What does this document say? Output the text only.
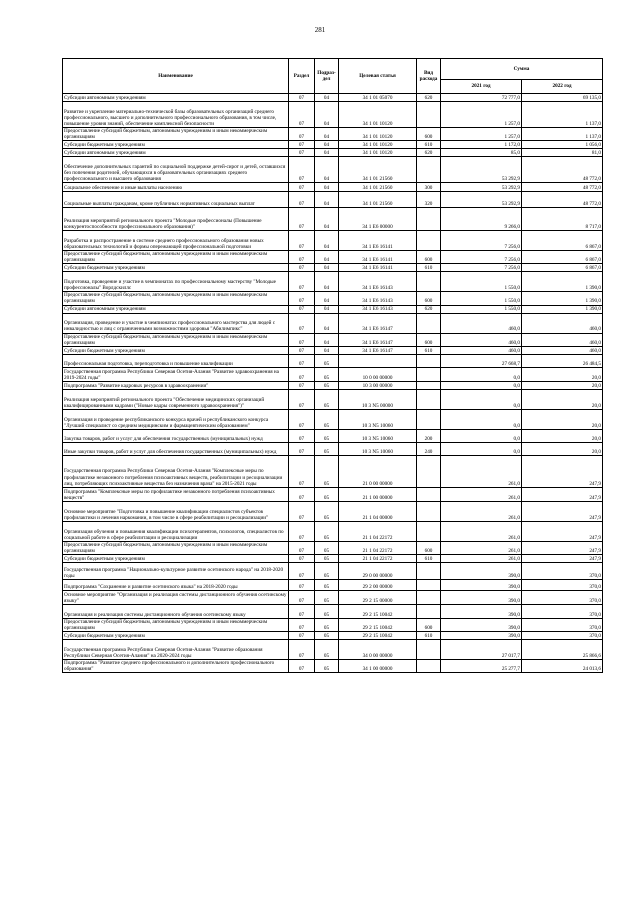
281
Наименование	Раздел	Подраз-дел	Целевая статья	Вид расхода	Сумма	
					2021 год	2022 год
Субсидии автономным учреждениям	07	04	34 1 01 05070	620	72 777,0	69 135,0
Развитие и укрепление материально-технической базы образовательных организаций среднего профессионального, высшего и дополнительного профессионального образования, в том числе, повышение уровня знаний, обеспечение комплексной безопасности	07	04	34 1 01 10120		1 257,0	1 137,0
Предоставление субсидий бюджетным, автономным учреждениям и иным некоммерческим организациям	07	04	34 1 01 10120	600	1 257,0	1 137,0
Субсидии бюджетным учреждениям	07	04	34 1 01 10120	610	1 172,0	1 056,0
Субсидии автономным учреждениям	07	04	34 1 01 10120	620	85,0	81,0
Обеспечение дополнительных гарантий по социальной поддержке детей-сирот и детей, оставшихся без попечения родителей, обучающихся в образовательных организациях среднего профессионального и высшего образования	07	04	34 1 01 21560		53 292,9	48 772,0
Социальное обеспечение и иные выплаты населению	07	04	34 1 01 21560	300	53 292,9	48 772,0
Социальные выплаты гражданам, кроме публичных нормативных социальных выплат	07	04	34 1 01 21560	320	53 292,9	48 772,0
Реализация мероприятий регионального проекта "Молодые профессионалы (Повышение конкурентоспособности профессионального образования)"	07	04	34 1 Е6 00000		9 266,0	8 717,0
Разработка и распространение в системе среднего профессионального образования новых образовательных технологий и формы опережающей профессиональной подготовки	07	04	34 1 Е6 16141		7 256,0	6 867,0
Предоставление субсидий бюджетным, автономным учреждениям и иным некоммерческим организациям	07	04	34 1 Е6 16141	600	7 256,0	6 867,0
Субсидии бюджетным учреждениям	07	04	34 1 Е6 16141	610	7 256,0	6 867,0
Подготовка, проведение и участие в чемпионатах по профессиональному мастерству "Молодые профессионалы" Ворлдскиллс	07	04	34 1 Е6 16143		1 550,0	1 390,0
Предоставление субсидий бюджетным, автономным учреждениям и иным некоммерческим организациям	07	04	34 1 Е6 16143	600	1 550,0	1 390,0
Субсидии автономным учреждениям	07	04	34 1 Е6 16143	620	1 550,0	1 390,0
Организация, проведение и участие в чемпионатах профессионального мастерства для людей с инвалидностью и лиц с ограниченными возможностями здоровья "Абилимпикс"	07	04	34 1 Е6 16147		460,0	460,0
Предоставление субсидий бюджетным, автономным учреждениям и иным некоммерческим организациям	07	04	34 1 Е6 16147	600	460,0	460,0
Субсидии бюджетным учреждениям	07	04	34 1 Е6 16147	610	460,0	460,0
Профессиональная подготовка, переподготовка и повышение квалификации	07	05			27 668,7	26 484,5
Государственная программа Республики Северная Осетия-Алания "Развитие здравоохранения на 2019-2024 годы"	07	05	10 0 00 00000		0,0	20,0
Подпрограмма "Развитие кадровых ресурсов в здравоохранении"	07	05	10 3 00 00000		0,0	20,0
Реализация мероприятий регионального проекта "Обеспечение медицинских организаций квалифицированными кадрами ("Новые кадры современного здравоохранения")"	07	05	10 3 N5 00000		0,0	20,0
Организация и проведение республиканского конкурса врачей и республиканского конкурса "Лучший специалист со средним медицинским и фармацевтическим образованием"	07	05	10 3 N5 10060		0,0	20,0
Закупка товаров, работ и услуг для обеспечения государственных (муниципальных) нужд	07	05	10 3 N5 10060	200	0,0	20,0
Иные закупки товаров, работ и услуг для обеспечения государственных (муниципальных) нужд	07	05	10 3 N5 10060	240	0,0	20,0
Государственная программа Республики Северная Осетия-Алания "Комплексные меры по профилактике незаконного потребления психоактивных веществ, реабилитации и ресоциализации лиц, потребляющих психоактивные вещества без назначения врача" на 2015-2021 годы	07	05	21 0 00 00000		261,0	247,9
Подпрограмма "Комплексные меры по профилактике незаконного потребления психоактивных веществ"	07	05	21 1 00 00000		261,0	247,9
Основное мероприятие "Подготовка и повышение квалификации специалистов субъектов профилактики и лечения наркомании, в том числе в сфере реабилитации и ресоциализации"	07	05	21 1 04 00000		261,0	247,9
Организация обучения и повышения квалификации психотерапевтов, психологов, специалистов по социальной работе в сфере реабилитации и ресоциализации	07	05	21 1 04 22172		261,0	247,9
Предоставление субсидий бюджетным, автономным учреждениям и иным некоммерческим организациям	07	05	21 1 04 22172	600	261,0	247,9
Субсидии бюджетным учреждениям	07	05	21 1 04 22172	610	261,0	247,9
Государственная программа "Национально-культурное развитие осетинского народа" на 2018-2020 годы	07	05	29 0 00 00000		390,0	370,0
Подпрограмма "Сохранение и развитие осетинского языка" на 2018-2020 годы	07	05	29 2 00 00000		390,0	370,0
Основное мероприятие "Организация и реализация системы дистанционного обучения осетинскому языку"	07	05	29 2 15 00000		390,0	370,0
Организация и реализация системы дистанционного обучения осетинскому языку	07	05	29 2 15 10042		390,0	370,0
Предоставление субсидий бюджетным, автономным учреждениям и иным некоммерческим организациям	07	05	29 2 15 10042	600	390,0	370,0
Субсидии бюджетным учреждениям	07	05	29 2 15 10042	610	390,0	370,0
Государственная программа Республики Северная Осетия-Алания "Развитие образования Республики Северная Осетия-Алания" на 2020-2024 годы	07	05	34 0 00 00000		27 017,7	25 866,6
Подпрограмма "Развитие среднего профессионального и дополнительного профессионального образования"	07	05	34 1 00 00000		25 277,7	24 013,6
